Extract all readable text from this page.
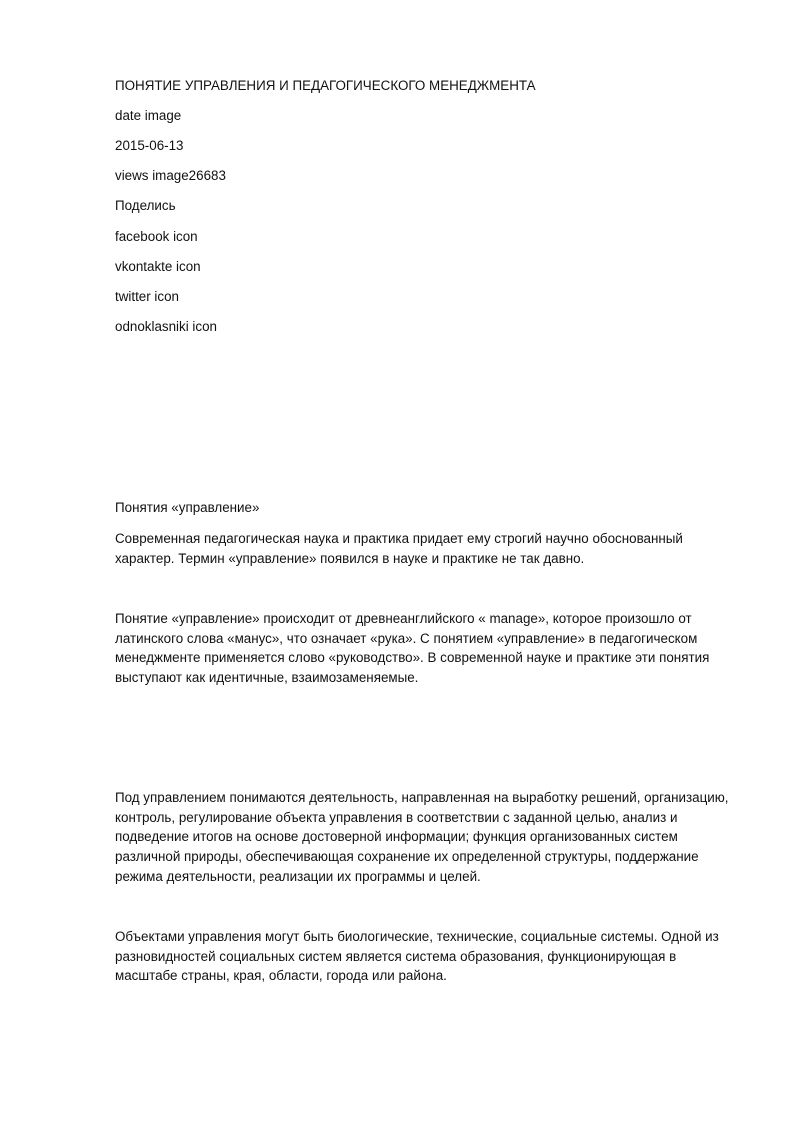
ПОНЯТИЕ УПРАВЛЕНИЯ И ПЕДАГОГИЧЕСКОГО МЕНЕДЖМЕНТА
date image
2015-06-13
views image26683
Поделись
facebook icon
vkontakte icon
twitter icon
odnoklasniki icon
Понятия «управление»
Современная педагогическая наука и практика придает ему строгий научно обоснованный
характер. Термин «управление» появился в науке и практике не так давно.
Понятие «управление» происходит от древнеанглийского « manage», которое произошло от
латинского слова «манус», что означает «рука». С понятием «управление» в педагогическом
менеджменте применяется слово «руководство». В современной науке и практике эти понятия
выступают как идентичные, взаимозаменяемые.
Под управлением понимаются деятельность, направленная на выработку решений, организацию,
контроль, регулирование объекта управления в соответствии с заданной целью, анализ и
подведение итогов на основе достоверной информации; функция организованных систем
различной природы, обеспечивающая сохранение их определенной структуры, поддержание
режима деятельности, реализации их программы и целей.
Объектами управления могут быть биологические, технические, социальные системы. Одной из
разновидностей социальных систем является система образования, функционирующая в
масштабе страны, края, области, города или района.
